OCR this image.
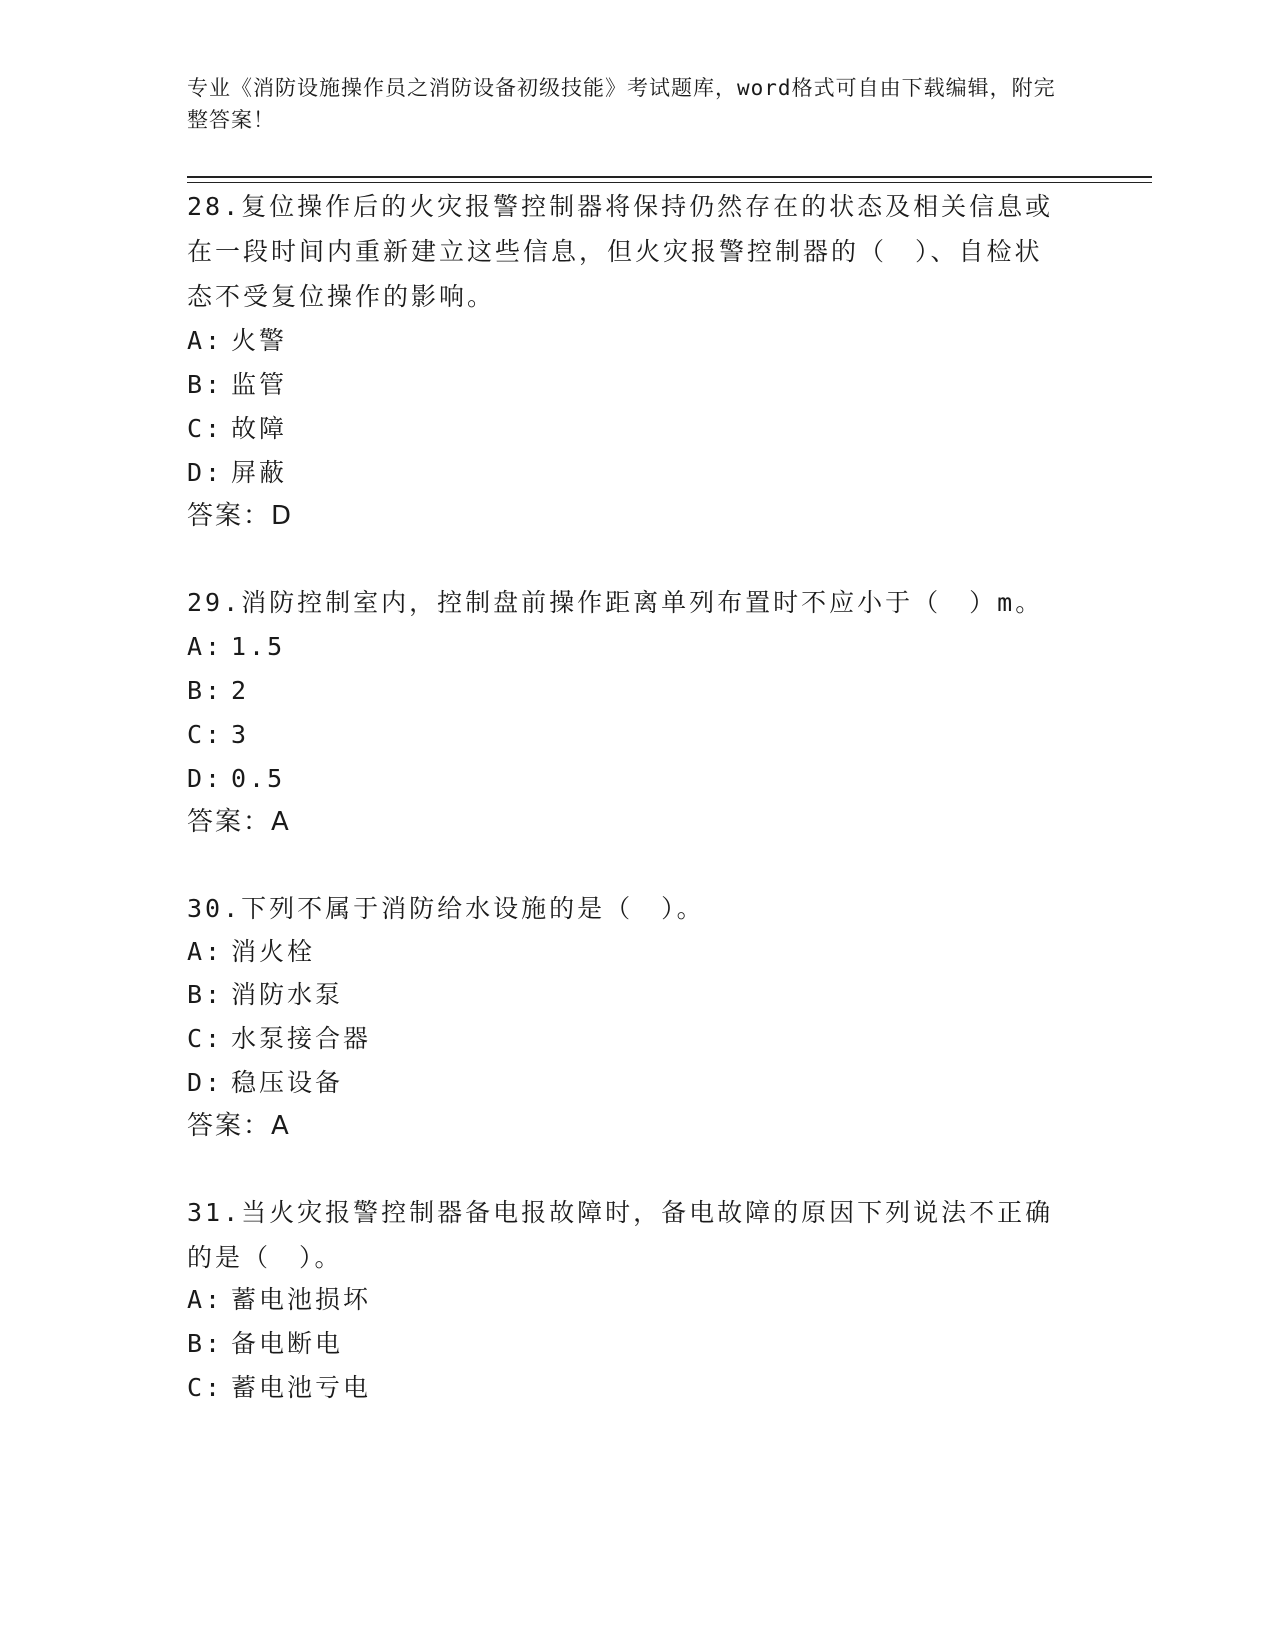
专业《消防设施操作员之消防设备初级技能》考试题库，word格式可自由下载编辑，附完整答案！
28.复位操作后的火灾报警控制器将保持仍然存在的状态及相关信息或在一段时间内重新建立这些信息，但火灾报警控制器的（　）、自检状态不受复位操作的影响。
A: 火警
B: 监管
C: 故障
D: 屏蔽
答案：D
29.消防控制室内，控制盘前操作距离单列布置时不应小于（　）m。
A: 1.5
B: 2
C: 3
D: 0.5
答案：A
30.下列不属于消防给水设施的是（　）。
A: 消火栓
B: 消防水泵
C: 水泵接合器
D: 稳压设备
答案：A
31.当火灾报警控制器备电报故障时，备电故障的原因下列说法不正确的是（　）。
A: 蓄电池损坏
B: 备电断电
C: 蓄电池亏电
